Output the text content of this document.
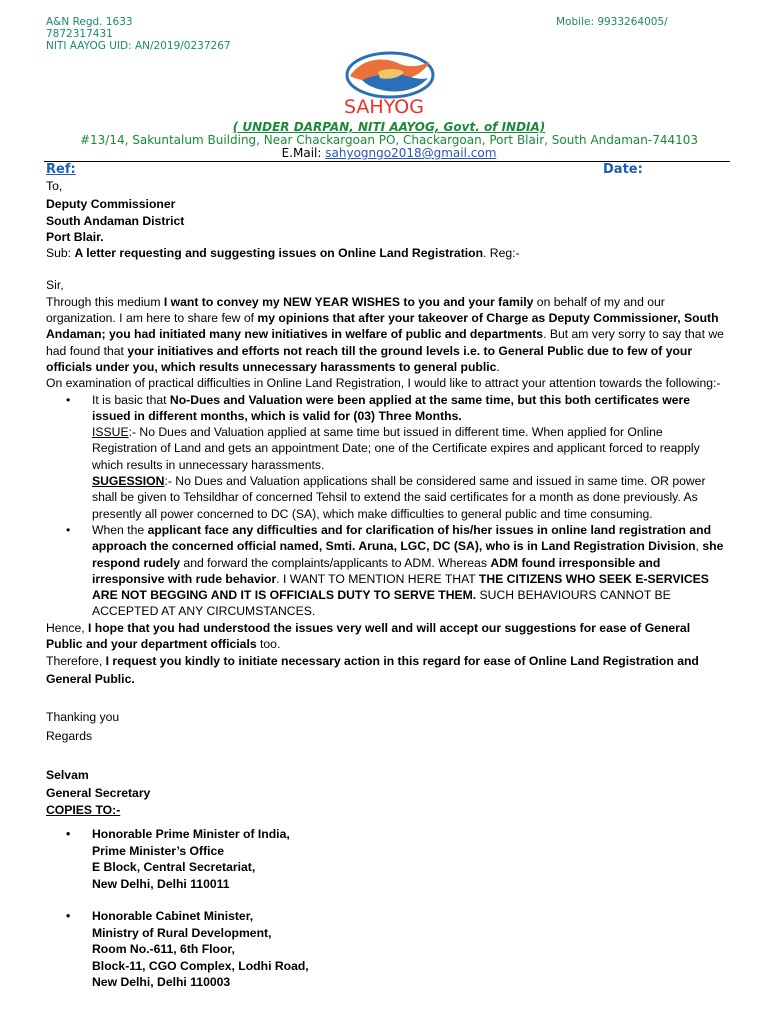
A&N Regd. 1633
7872317431
NITI AAYOG UID: AN/2019/0237267
Mobile: 9933264005/
SAHYOG
( UNDER DARPAN, NITI AAYOG, Govt. of INDIA)
#13/14, Sakuntalum Building, Near Chackargoan PO, Chackargoan, Port Blair, South Andaman-744103
E.Mail: sahyogngo2018@gmail.com
Ref:	Date:

To,

Deputy Commissioner

South Andaman District

Port Blair.

Sub: A letter requesting and suggesting issues on Online Land Registration. Reg:-

Sir,

Through this medium I want to convey my NEW YEAR WISHES to you and your family on behalf of my and our organization. I am here to share few of my opinions that after your takeover of Charge as Deputy Commissioner, South Andaman; you had initiated many new initiatives in welfare of public and departments. But am very sorry to say that we had found that your initiatives and efforts not reach till the ground levels i.e. to General Public due to few of your officials under you, which results unnecessary harassments to general public.

On examination of practical difficulties in Online Land Registration, I would like to attract your attention towards the following:-

• It is basic that No-Dues and Valuation were been applied at the same time, but this both certificates were issued in different months, which is valid for (03) Three Months.

ISSUE:- No Dues and Valuation applied at same time but issued in different time. When applied for Online Registration of Land and gets an appointment Date; one of the Certificate expires and applicant forced to reapply which results in unnecessary harassments.

SUGESSION:- No Dues and Valuation applications shall be considered same and issued in same time. OR power shall be given to Tehsildhar of concerned Tehsil to extend the said certificates for a month as done previously. As presently all power concerned to DC (SA), which make difficulties to general public and time consuming.

• When the applicant face any difficulties and for clarification of his/her issues in online land registration and approach the concerned official named, Smti. Aruna, LGC, DC (SA), who is in Land Registration Division, she respond rudely and forward the complaints/applicants to ADM. Whereas ADM found irresponsible and irresponsive with rude behavior. I WANT TO MENTION HERE THAT THE CITIZENS WHO SEEK E-SERVICES ARE NOT BEGGING AND IT IS OFFICIALS DUTY TO SERVE THEM. SUCH BEHAVIOURS CANNOT BE ACCEPTED AT ANY CIRCUMSTANCES.

Hence, I hope that you had understood the issues very well and will accept our suggestions for ease of General Public and your department officials too.

Therefore, I request you kindly to initiate necessary action in this regard for ease of Online Land Registration and General Public.

Thanking you

Regards

Selvam

General Secretary

COPIES TO:-

• Honorable Prime Minister of India,
Prime Minister’s Office
E Block, Central Secretariat,
New Delhi, Delhi 110011
• Honorable Cabinet Minister,
Ministry of Rural Development,
Room No.-611, 6th Floor,
Block-11, CGO Complex, Lodhi Road,
New Delhi, Delhi 110003
